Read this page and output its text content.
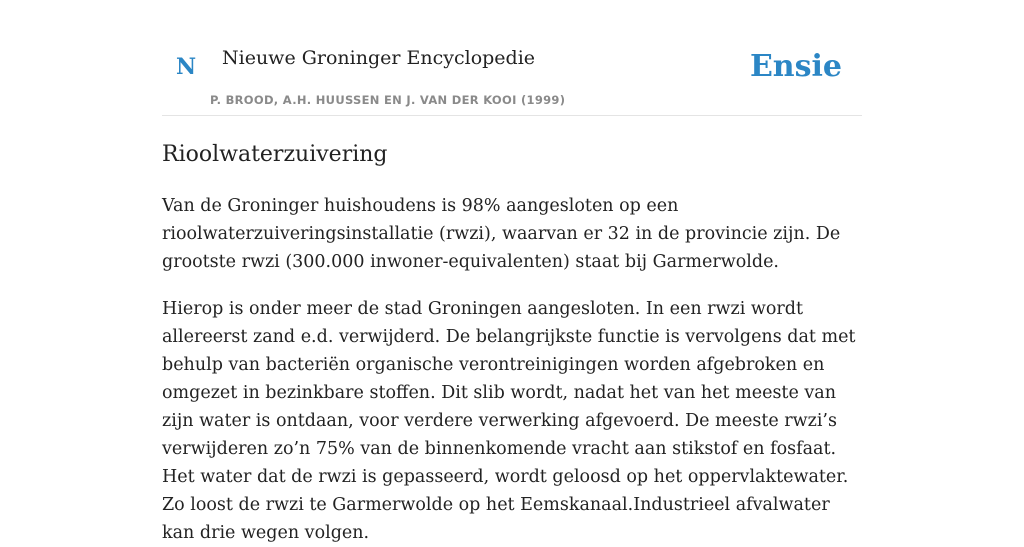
N Nieuwe Groninger Encyclopedie
P. BROOD, A.H. HUUSSEN EN J. VAN DER KOOI (1999)
Ensie
Rioolwaterzuivering

Van de Groninger huishoudens is 98% aangesloten op een rioolwaterzuiveringsinstallatie (rwzi), waarvan er 32 in de provincie zijn. De grootste rwzi (300.000 inwoner-equivalenten) staat bij Garmerwolde.

Hierop is onder meer de stad Groningen aangesloten. In een rwzi wordt allereerst zand e.d. verwijderd. De belangrijkste functie is vervolgens dat met behulp van bacteriën organische verontreinigingen worden afgebroken en omgezet in bezinkbare stoffen. Dit slib wordt, nadat het van het meeste van zijn water is ontdaan, voor verdere verwerking afgevoerd. De meeste rwzi’s verwijderen zo’n 75% van de binnenkomende vracht aan stikstof en fosfaat. Het water dat de rwzi is gepasseerd, wordt geloosd op het oppervlaktewater. Zo loost de rwzi te Garmerwolde op het Eemskanaal.Industrieel afvalwater kan drie wegen volgen.
